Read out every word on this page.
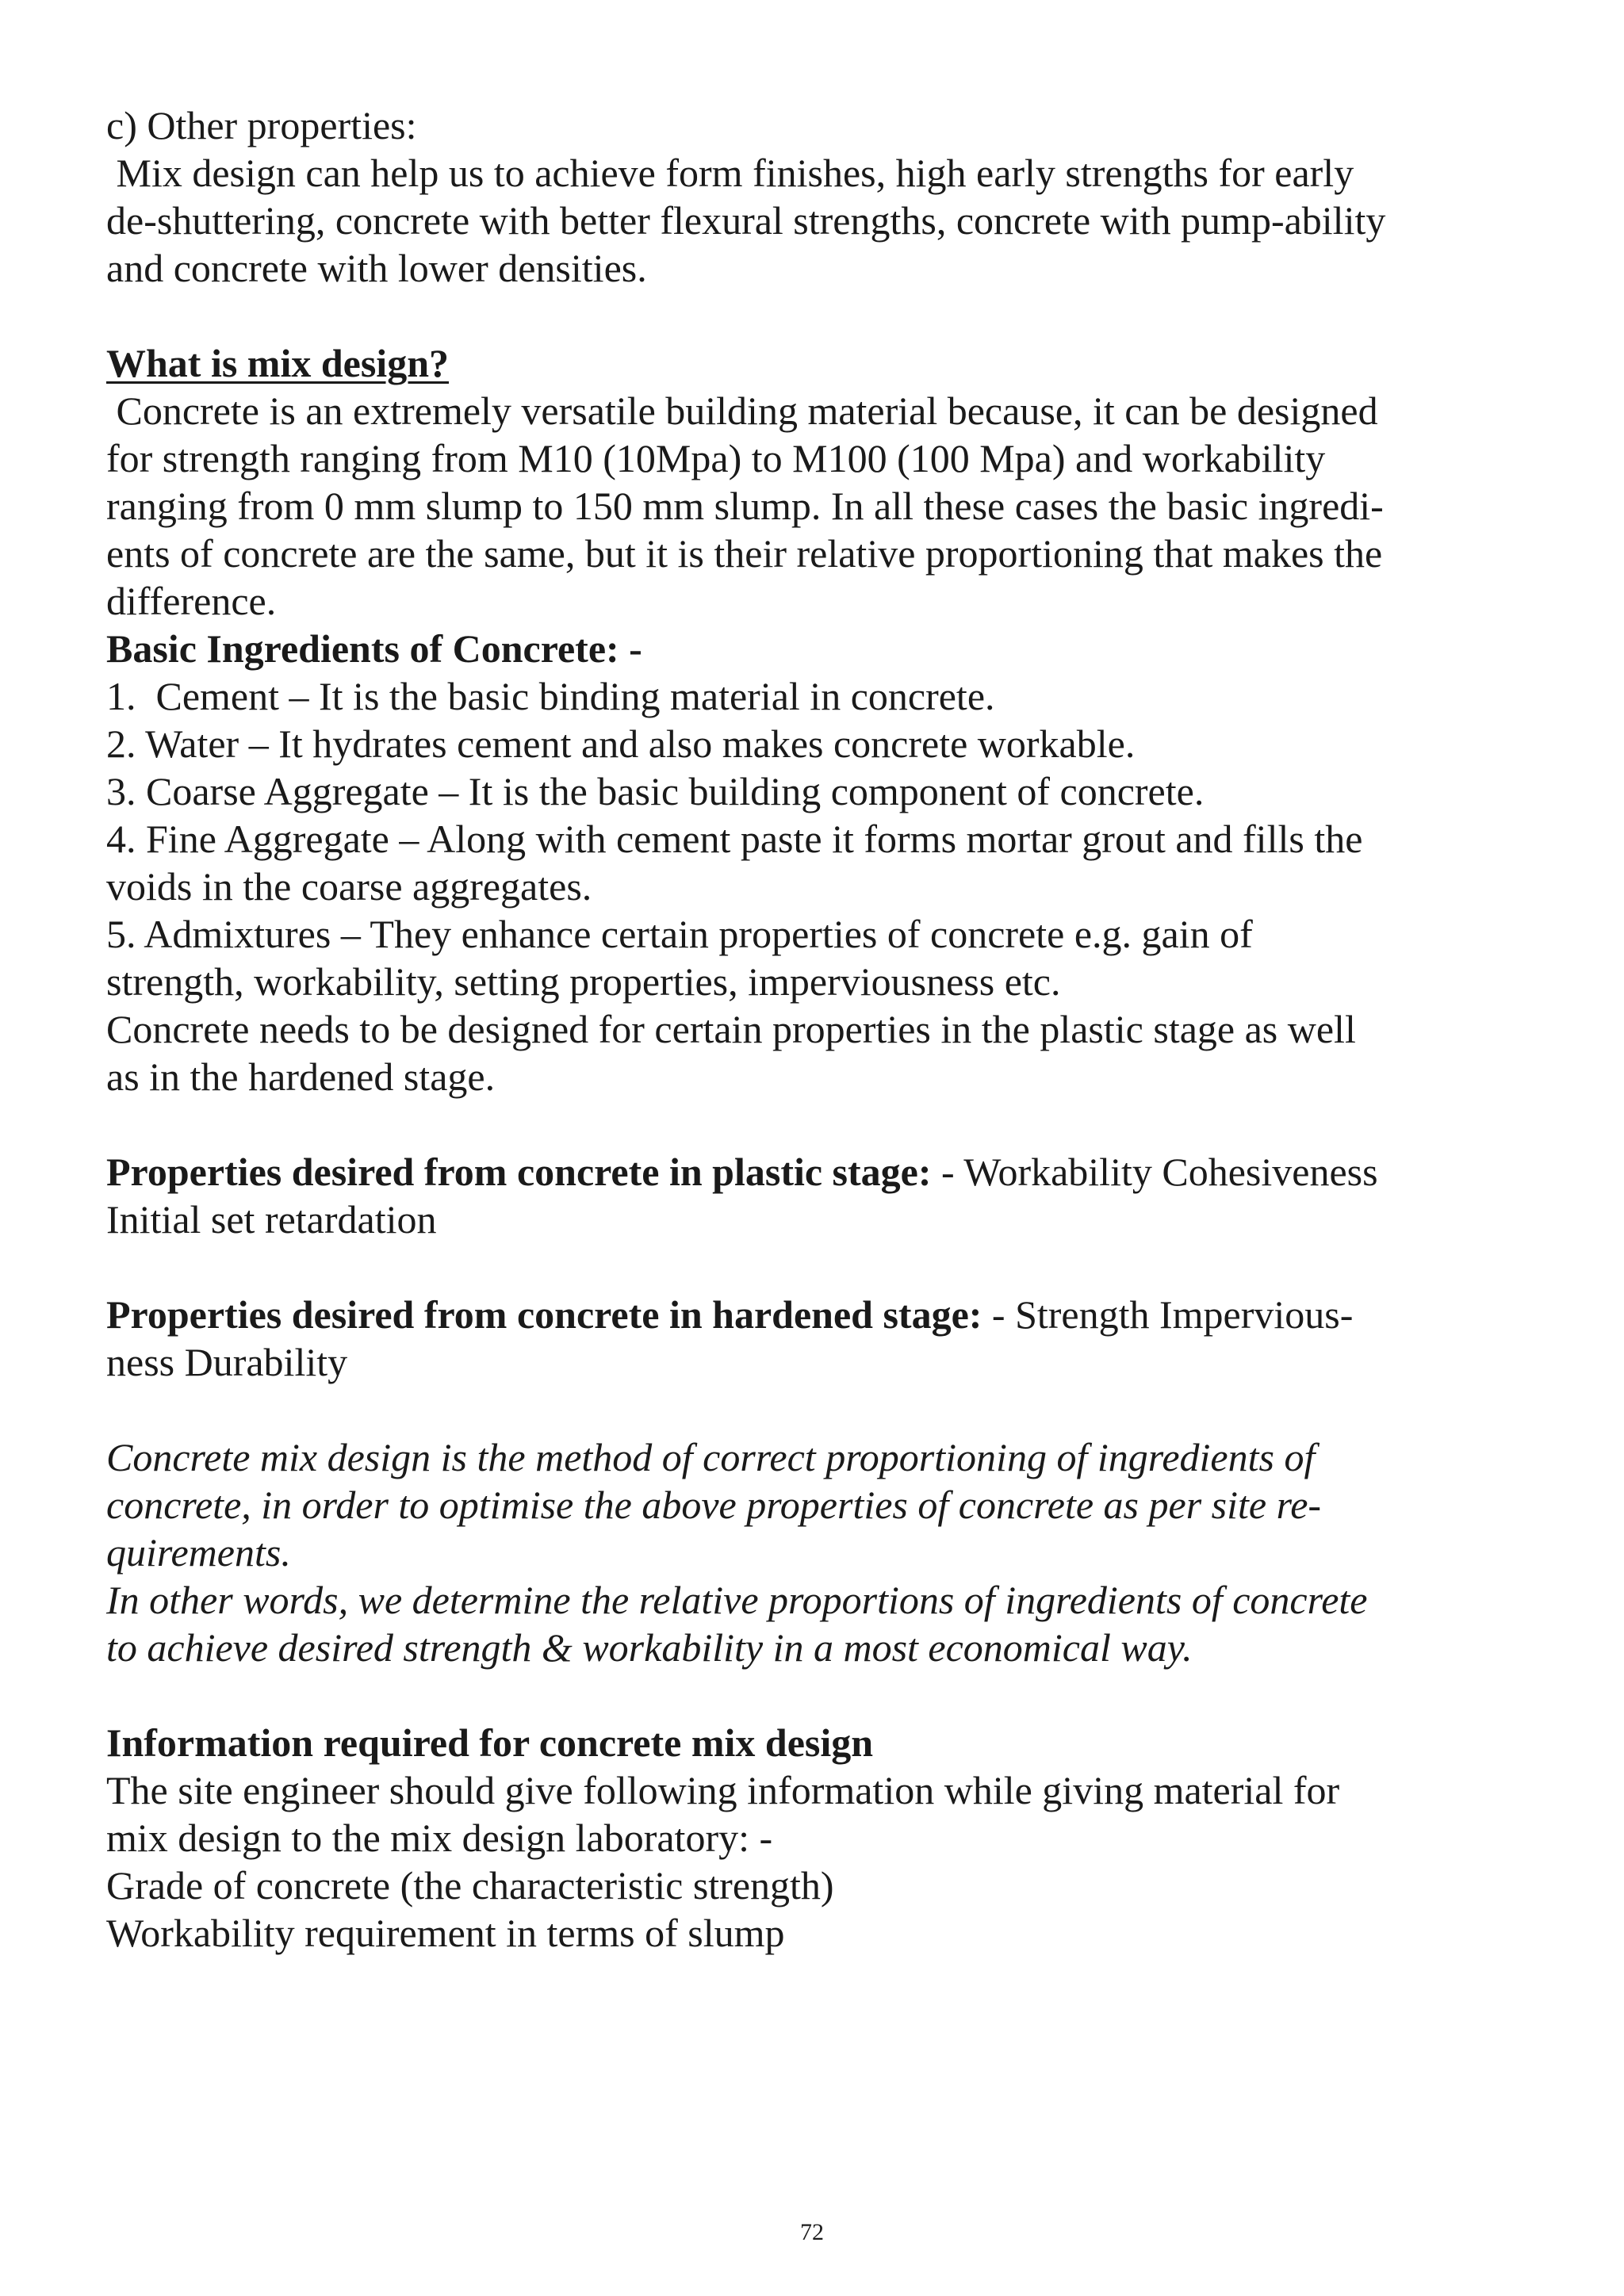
c) Other properties:
Mix design can help us to achieve form finishes, high early strengths for early
de-shuttering, concrete with better flexural strengths, concrete with pump-ability
and concrete with lower densities.
What is mix design?
Concrete is an extremely versatile building material because, it can be designed
for strength ranging from M10 (10Mpa) to M100 (100 Mpa) and workability
ranging from 0 mm slump to 150 mm slump. In all these cases the basic ingredi-
ents of concrete are the same, but it is their relative proportioning that makes the
difference.
Basic Ingredients of Concrete: -
1.  Cement – It is the basic binding material in concrete.
2. Water – It hydrates cement and also makes concrete workable.
3. Coarse Aggregate – It is the basic building component of concrete.
4. Fine Aggregate – Along with cement paste it forms mortar grout and fills the
voids in the coarse aggregates.
5. Admixtures – They enhance certain properties of concrete e.g. gain of
strength, workability, setting properties, imperviousness etc.
Concrete needs to be designed for certain properties in the plastic stage as well
as in the hardened stage.
Properties desired from concrete in plastic stage: - Workability Cohesiveness
Initial set retardation
Properties desired from concrete in hardened stage: - Strength Impervious-
ness Durability
Concrete mix design is the method of correct proportioning of ingredients of
concrete, in order to optimise the above properties of concrete as per site re-
quirements.
In other words, we determine the relative proportions of ingredients of concrete
to achieve desired strength & workability in a most economical way.
Information required for concrete mix design
The site engineer should give following information while giving material for
mix design to the mix design laboratory: -
Grade of concrete (the characteristic strength)
Workability requirement in terms of slump
72
